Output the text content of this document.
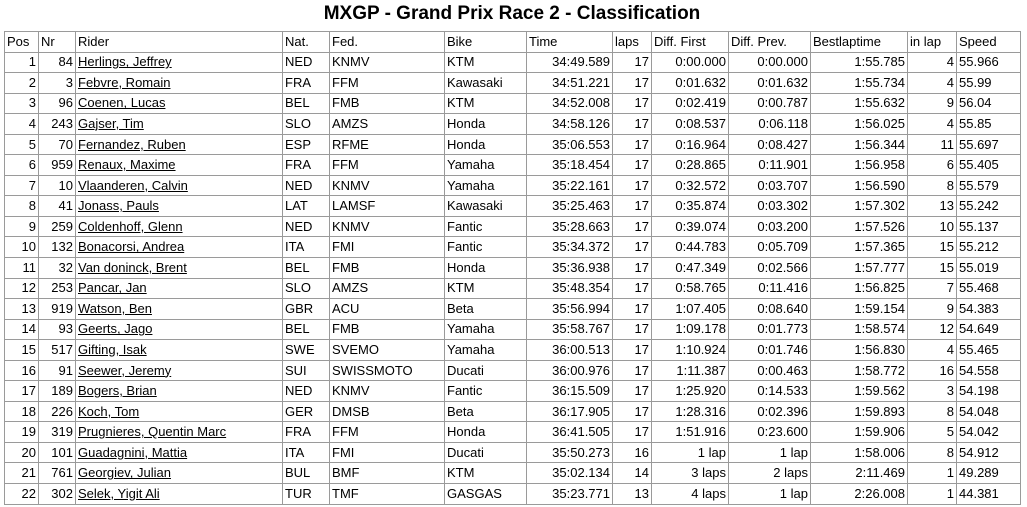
MXGP - Grand Prix Race 2 - Classification
Pos	Nr	Rider	Nat.	Fed.	Bike	Time	laps	Diff. First	Diff. Prev.	Bestlaptime	in lap	Speed
1	84	Herlings, Jeffrey	NED	KNMV	KTM	34:49.589	17	0:00.000	0:00.000	1:55.785	4	55.966
2	3	Febvre, Romain	FRA	FFM	Kawasaki	34:51.221	17	0:01.632	0:01.632	1:55.734	4	55.99
3	96	Coenen, Lucas	BEL	FMB	KTM	34:52.008	17	0:02.419	0:00.787	1:55.632	9	56.04
4	243	Gajser, Tim	SLO	AMZS	Honda	34:58.126	17	0:08.537	0:06.118	1:56.025	4	55.85
5	70	Fernandez, Ruben	ESP	RFME	Honda	35:06.553	17	0:16.964	0:08.427	1:56.344	11	55.697
6	959	Renaux, Maxime	FRA	FFM	Yamaha	35:18.454	17	0:28.865	0:11.901	1:56.958	6	55.405
7	10	Vlaanderen, Calvin	NED	KNMV	Yamaha	35:22.161	17	0:32.572	0:03.707	1:56.590	8	55.579
8	41	Jonass, Pauls	LAT	LAMSF	Kawasaki	35:25.463	17	0:35.874	0:03.302	1:57.302	13	55.242
9	259	Coldenhoff, Glenn	NED	KNMV	Fantic	35:28.663	17	0:39.074	0:03.200	1:57.526	10	55.137
10	132	Bonacorsi, Andrea	ITA	FMI	Fantic	35:34.372	17	0:44.783	0:05.709	1:57.365	15	55.212
11	32	Van doninck, Brent	BEL	FMB	Honda	35:36.938	17	0:47.349	0:02.566	1:57.777	15	55.019
12	253	Pancar, Jan	SLO	AMZS	KTM	35:48.354	17	0:58.765	0:11.416	1:56.825	7	55.468
13	919	Watson, Ben	GBR	ACU	Beta	35:56.994	17	1:07.405	0:08.640	1:59.154	9	54.383
14	93	Geerts, Jago	BEL	FMB	Yamaha	35:58.767	17	1:09.178	0:01.773	1:58.574	12	54.649
15	517	Gifting, Isak	SWE	SVEMO	Yamaha	36:00.513	17	1:10.924	0:01.746	1:56.830	4	55.465
16	91	Seewer, Jeremy	SUI	SWISSMOTO	Ducati	36:00.976	17	1:11.387	0:00.463	1:58.772	16	54.558
17	189	Bogers, Brian	NED	KNMV	Fantic	36:15.509	17	1:25.920	0:14.533	1:59.562	3	54.198
18	226	Koch, Tom	GER	DMSB	Beta	36:17.905	17	1:28.316	0:02.396	1:59.893	8	54.048
19	319	Prugnieres, Quentin Marc	FRA	FFM	Honda	36:41.505	17	1:51.916	0:23.600	1:59.906	5	54.042
20	101	Guadagnini, Mattia	ITA	FMI	Ducati	35:50.273	16	1 lap	1 lap	1:58.006	8	54.912
21	761	Georgiev, Julian	BUL	BMF	KTM	35:02.134	14	3 laps	2 laps	2:11.469	1	49.289
22	302	Selek, Yigit Ali	TUR	TMF	GASGAS	35:23.771	13	4 laps	1 lap	2:26.008	1	44.381
